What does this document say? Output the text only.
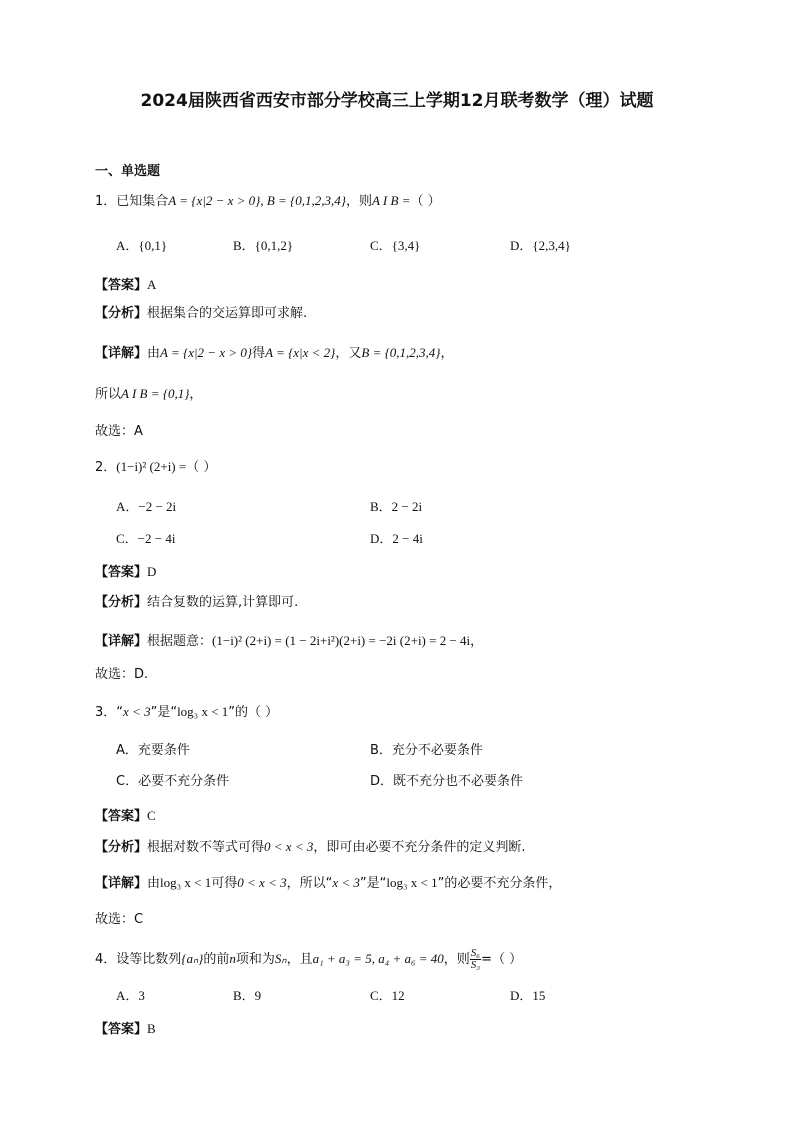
2024届陕西省西安市部分学校高三上学期12月联考数学（理）试题
一、单选题
1．已知集合A = {x|2 − x > 0}, B = {0,1,2,3,4}，则A I B =（ ）
A．{0,1}	B．{0,1,2}	C．{3,4}	D．{2,3,4}
【答案】A
【分析】根据集合的交运算即可求解.
【详解】由A = {x|2 − x > 0}得A = {x|x < 2}，又B = {0,1,2,3,4}，
所以A I B = {0,1}，
故选：A
2．(1−i)² (2+i) =（ ）
A．−2 − 2i	B．2 − 2i
C．−2 − 4i	D．2 − 4i
【答案】D
【分析】结合复数的运算,计算即可.
【详解】根据题意：(1−i)² (2+i) = (1 − 2i+i²)(2+i) = −2i (2+i) = 2 − 4i，
故选：D.
3．“x < 3”是“log₃ x < 1”的（ ）
A．充要条件	B．充分不必要条件
C．必要不充分条件	D．既不充分也不必要条件
【答案】C
【分析】根据对数不等式可得0 < x < 3，即可由必要不充分条件的定义判断.
【详解】由log₃ x < 1可得0 < x < 3，所以“x < 3”是“log₃ x < 1”的必要不充分条件，
故选：C
4．设等比数列{aₙ}的前n项和为Sₙ，且a₁ + a₃ = 5, a₄ + a₆ = 40，则 $\frac{\text{S₆}}{\text{S₃}}$ =（ ）
A．3	B．9	C．12	D．15
【答案】B
